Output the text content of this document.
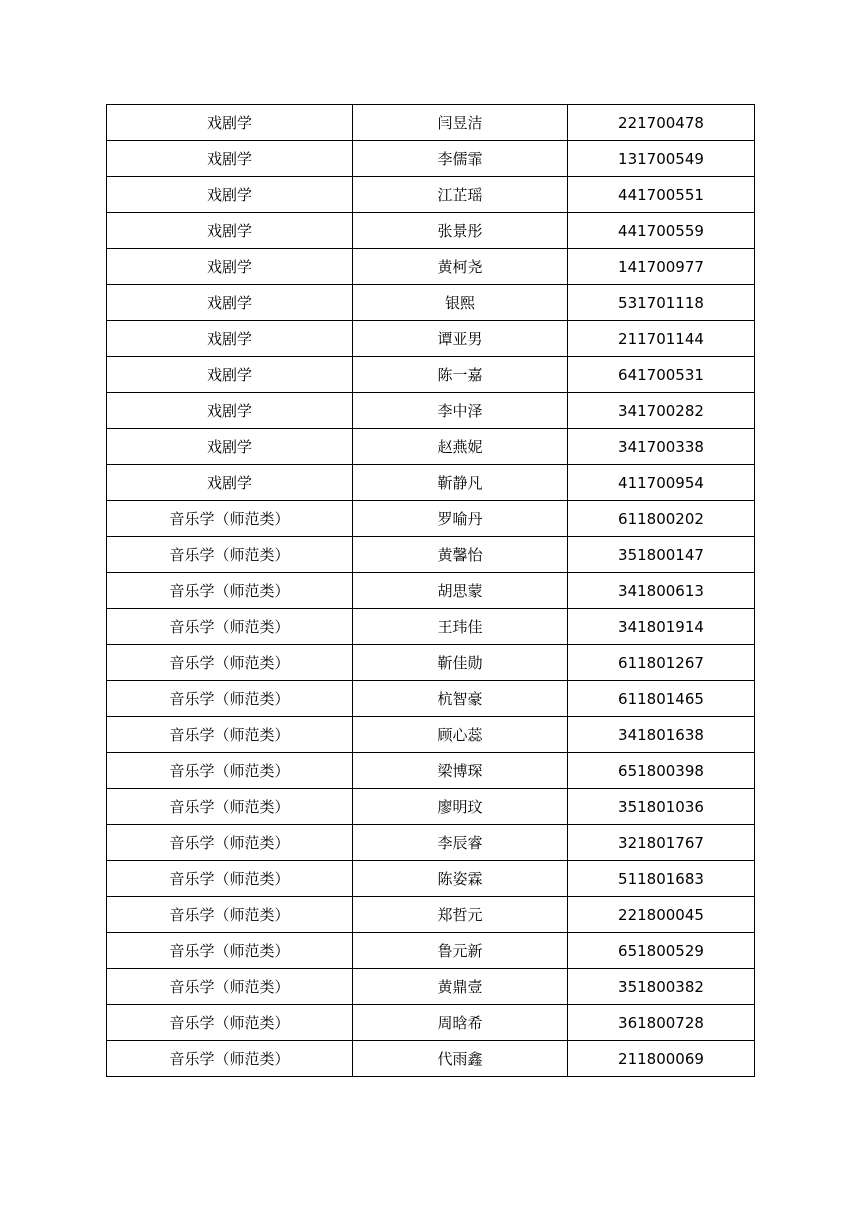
戏剧学	闫昱洁	221700478
戏剧学	李儒霏	131700549
戏剧学	江芷瑶	441700551
戏剧学	张景彤	441700559
戏剧学	黄柯尧	141700977
戏剧学	银熙	531701118
戏剧学	谭亚男	211701144
戏剧学	陈一嘉	641700531
戏剧学	李中泽	341700282
戏剧学	赵燕妮	341700338
戏剧学	靳静凡	411700954
音乐学（师范类）	罗喻丹	611800202
音乐学（师范类）	黄馨怡	351800147
音乐学（师范类）	胡思蒙	341800613
音乐学（师范类）	王玮佳	341801914
音乐学（师范类）	靳佳勋	611801267
音乐学（师范类）	杭智豪	611801465
音乐学（师范类）	顾心蕊	341801638
音乐学（师范类）	梁博琛	651800398
音乐学（师范类）	廖明玟	351801036
音乐学（师范类）	李辰睿	321801767
音乐学（师范类）	陈姿霖	511801683
音乐学（师范类）	郑哲元	221800045
音乐学（师范类）	鲁元新	651800529
音乐学（师范类）	黄鼎壹	351800382
音乐学（师范类）	周晗希	361800728
音乐学（师范类）	代雨鑫	211800069
